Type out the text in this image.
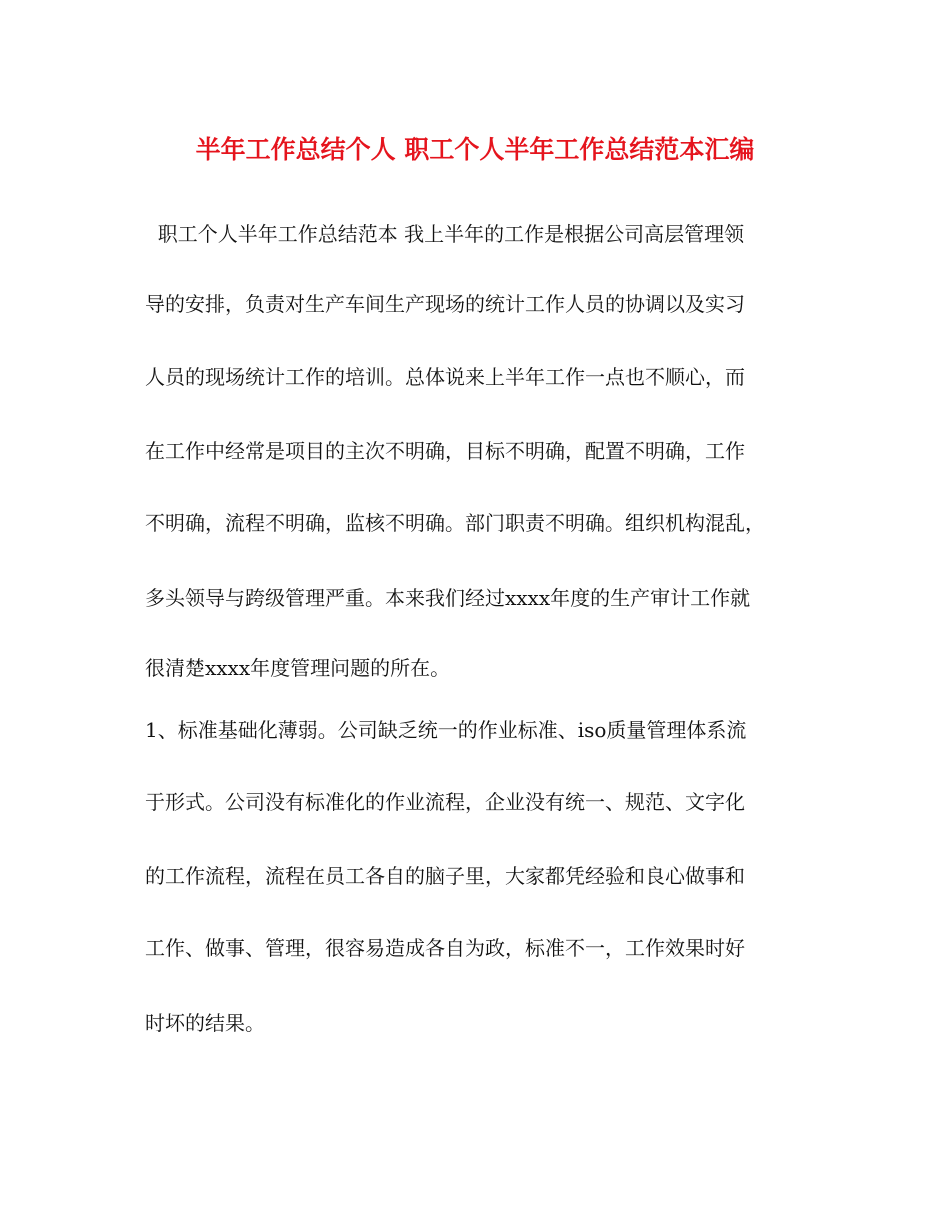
半年工作总结个人 职工个人半年工作总结范本汇编
职工个人半年工作总结范本 我上半年的工作是根据公司高层管理领
导的安排，负责对生产车间生产现场的统计工作人员的协调以及实习
人员的现场统计工作的培训。总体说来上半年工作一点也不顺心，而
在工作中经常是项目的主次不明确，目标不明确，配置不明确，工作
不明确，流程不明确，监核不明确。部门职责不明确。组织机构混乱，
多头领导与跨级管理严重。本来我们经过xxxx年度的生产审计工作就
很清楚xxxx年度管理问题的所在。
1、标准基础化薄弱。公司缺乏统一的作业标准、iso质量管理体系流
于形式。公司没有标准化的作业流程，企业没有统一、规范、文字化
的工作流程，流程在员工各自的脑子里，大家都凭经验和良心做事和
工作、做事、管理，很容易造成各自为政，标准不一，工作效果时好
时坏的结果。
